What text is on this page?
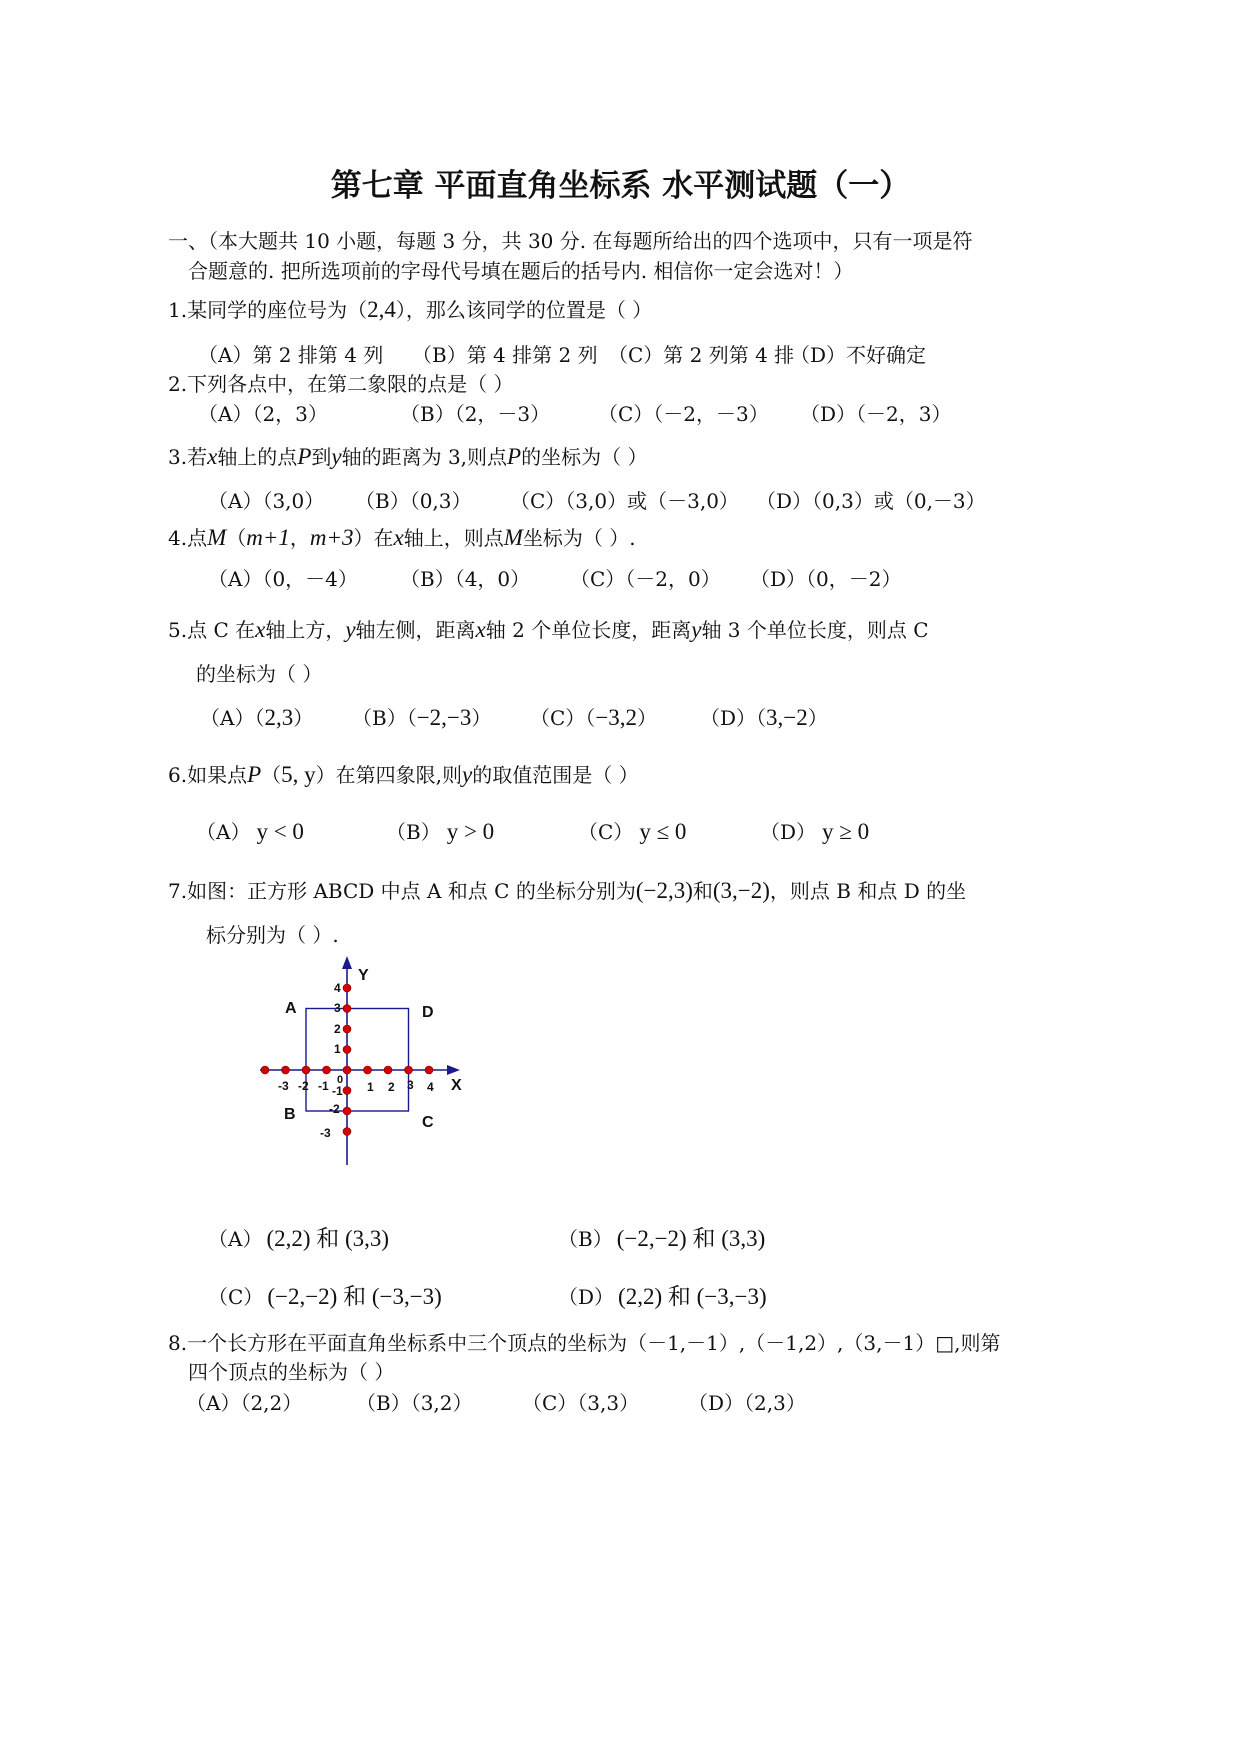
第七章 平面直角坐标系 水平测试题（一）
一、（本大题共 10 小题，每题 3 分，共 30 分. 在每题所给出的四个选项中，只有一项是符
合题意的. 把所选项前的字母代号填在题后的括号内. 相信你一定会选对！）
1.某同学的座位号为（2,4），那么该同学的位置是（ ）
（A）第 2 排第 4 列 （B）第 4 排第 2 列 （C）第 2 列第 4 排
（D）不好确定
2.下列各点中，在第二象限的点是（ ）
（A）（2，3）	（B）（2，－3） （C）（－2，－3） （D）（－2，3）
3.若x轴上的点P到y轴的距离为 3,则点P的坐标为（ ）
（A）（3,0） （B）（0,3） （C）（3,0）或（－3,0） （D）（0,3）或（0,－3）
4.点M（m+1，m+3）在x轴上，则点M坐标为（ ）.
（A）（0，－4） （B）（4，0） （C）（－2，0） （D）（0，－2）
5.点 C 在x轴上方，y轴左侧，距离x轴 2 个单位长度，距离y轴 3 个单位长度，则点 C
的坐标为（ ）
（A）（2,3） （B）（−2,−3） （C）（−3,2） （D）（3,−2）
6.如果点P（5, y）在第四象限,则y的取值范围是（ ）
（A） y < 0	（B） y > 0	（C） y ≤ 0	（D） y ≥ 0
7.如图：正方形 ABCD 中点 A 和点 C 的坐标分别为(−2,3)和(3,−2)，则点 B 和点 D 的坐
标分别为（ ）.
Y
X
0
-3 -2 -1	1 2 3 4
4
3
2
1
-1
-2
-3
A	D
B	C
（A） (2,2) 和 (3,3)	（B） (−2,−2) 和 (3,3)
（C） (−2,−2) 和 (−3,−3)	（D） (2,2) 和 (−3,−3)
8.一个长方形在平面直角坐标系中三个顶点的坐标为（－1,－1）,（－1,2）,（3,－1）□,则第
四个顶点的坐标为（ ）
（A）（2,2）	（B）（3,2） （C）（3,3） （D）（2,3）
